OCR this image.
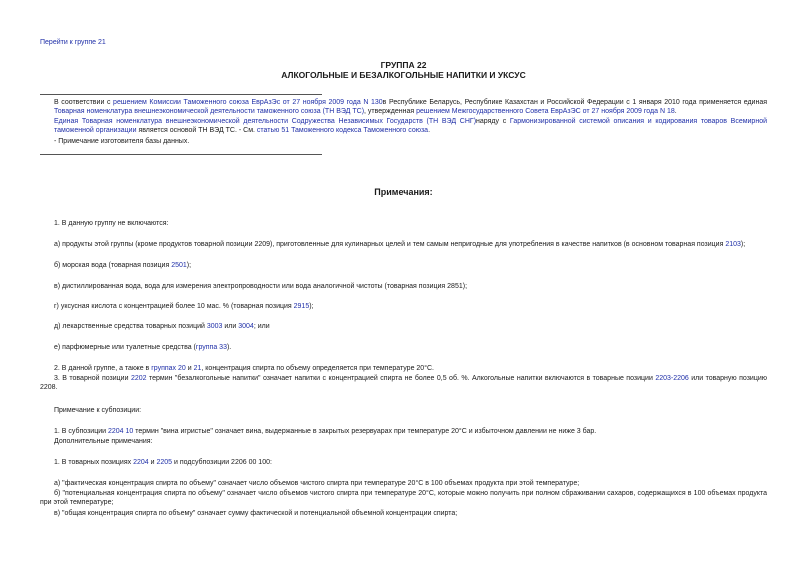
Перейти к группе 21
ГРУППА 22
АЛКОГОЛЬНЫЕ И БЕЗАЛКОГОЛЬНЫЕ НАПИТКИ И УКСУС
В соответствии с решением Комиссии Таможенного союза ЕврАзЭс от 27 ноября 2009 года N 130в Республике Беларусь, Республике Казахстан и Российской Федерации с 1 января 2010 года применяется единая Товарная номенклатура внешнеэкономической деятельности таможенного союза (ТН ВЭД ТС), утвержденная решением Межгосударственного Совета ЕврАзЭС от 27 ноября 2009 года N 18.
Единая Товарная номенклатура внешнеэкономической деятельности Содружества Независимых Государств (ТН ВЭД СНГ)наряду с Гармонизированной системой описания и кодирования товаров Всемирной таможенной организации является основой ТН ВЭД ТС. - См. статью 51 Таможенного кодекса Таможенного союза.
- Примечание изготовителя базы данных.
Примечания:
1. В данную группу не включаются:
а) продукты этой группы (кроме продуктов товарной позиции 2209), приготовленные для кулинарных целей и тем самым непригодные для употребления в качестве напитков (в основном товарная позиция 2103);
б) морская вода (товарная позиция 2501);
в) дистиллированная вода, вода для измерения электропроводности или вода аналогичной чистоты (товарная позиция 2851);
г) уксусная кислота с концентрацией более 10 мас. % (товарная позиция 2915);
д) лекарственные средства товарных позиций 3003 или 3004; или
е) парфюмерные или туалетные средства (группа 33).
2. В данной группе, а также в группах 20 и 21, концентрация спирта по объему определяется при температуре 20°С.
3. В товарной позиции 2202 термин "безалкогольные напитки" означает напитки с концентрацией спирта не более 0,5 об. %. Алкогольные напитки включаются в товарные позиции 2203-2206 или товарную позицию 2208.
Примечание к субпозиции:
1. В субпозиции 2204 10 термин "вина игристые" означает вина, выдержанные в закрытых резервуарах при температуре 20°С и избыточном давлении не ниже 3 бар.
Дополнительные примечания:
1. В товарных позициях 2204 и 2205 и подсубпозиции 2206 00 100:
а) "фактическая концентрация спирта по объему" означает число объемов чистого спирта при температуре 20°С в 100 объемах продукта при этой температуре;
б) "потенциальная концентрация спирта по объему" означает число объемов чистого спирта при температуре 20°С, которые можно получить при полном сбраживании сахаров, содержащихся в 100 объемах продукта при этой температуре;
в) "общая концентрация спирта по объему" означает сумму фактической и потенциальной объемной концентрации спирта;
